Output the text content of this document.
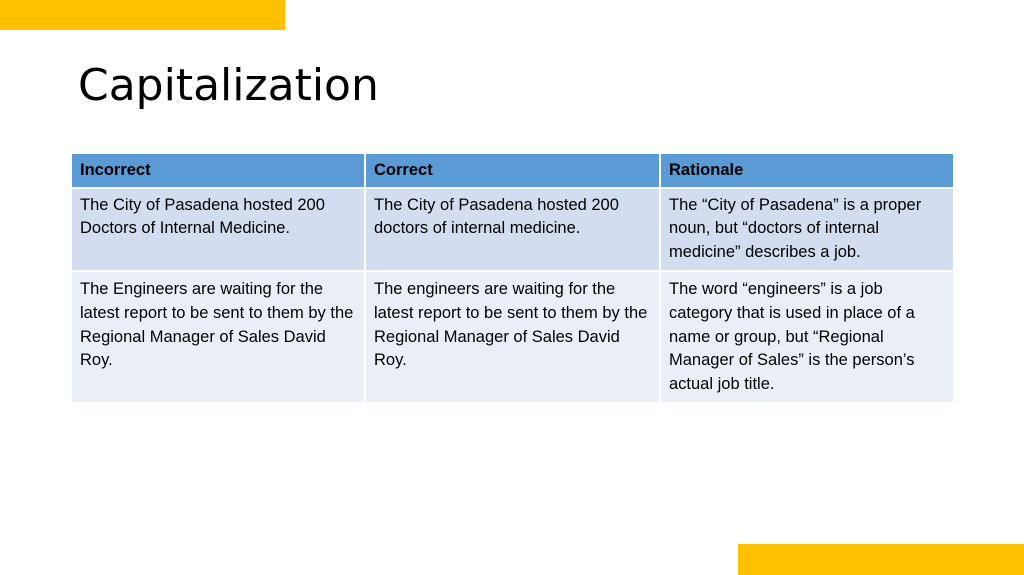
Capitalization
Incorrect	Correct	Rationale
The City of Pasadena hosted 200 Doctors of Internal Medicine.	The City of Pasadena hosted 200 doctors of internal medicine.	The “City of Pasadena” is a proper noun, but “doctors of internal medicine” describes a job.
The Engineers are waiting for the latest report to be sent to them by the Regional Manager of Sales David Roy.	The engineers are waiting for the latest report to be sent to them by the Regional Manager of Sales David Roy.	The word “engineers” is a job category that is used in place of a name or group, but “Regional Manager of Sales” is the person’s actual job title.
